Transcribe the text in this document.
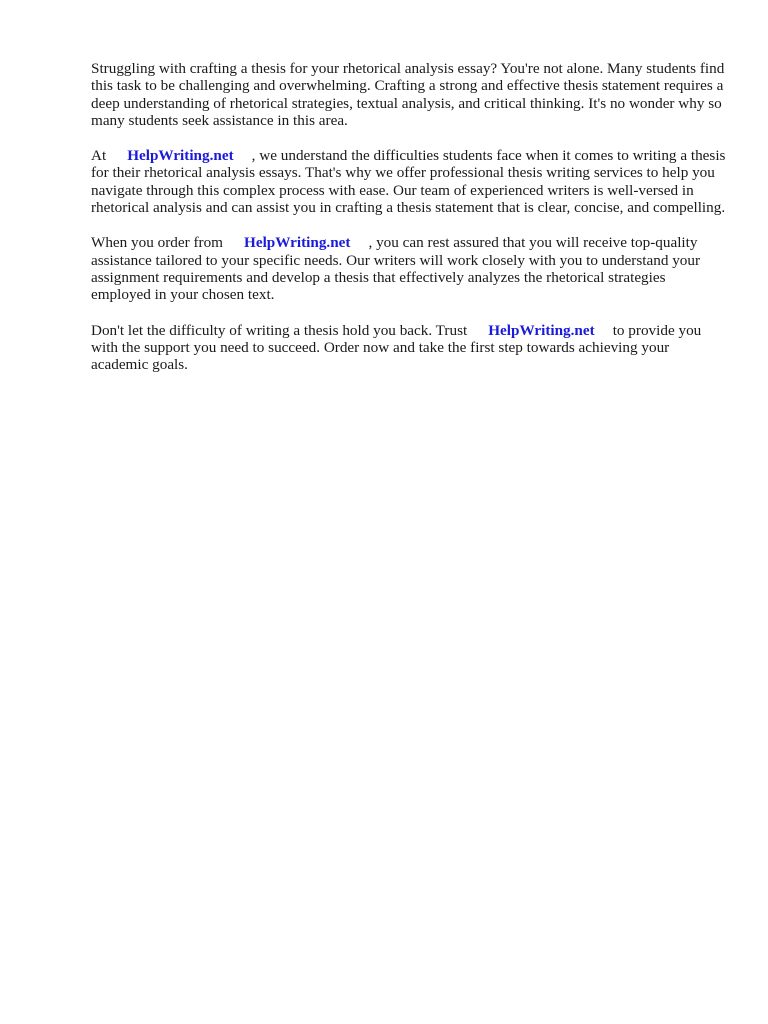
Struggling with crafting a thesis for your rhetorical analysis essay? You're not alone. Many students find this task to be challenging and overwhelming. Crafting a strong and effective thesis statement requires a deep understanding of rhetorical strategies, textual analysis, and critical thinking. It's no wonder why so many students seek assistance in this area.

At HelpWriting.net , we understand the difficulties students face when it comes to writing a thesis for their rhetorical analysis essays. That's why we offer professional thesis writing services to help you navigate through this complex process with ease. Our team of experienced writers is well-versed in rhetorical analysis and can assist you in crafting a thesis statement that is clear, concise, and compelling.

When you order from HelpWriting.net , you can rest assured that you will receive top-quality assistance tailored to your specific needs. Our writers will work closely with you to understand your assignment requirements and develop a thesis that effectively analyzes the rhetorical strategies employed in your chosen text.

Don't let the difficulty of writing a thesis hold you back. Trust HelpWriting.net to provide you with the support you need to succeed. Order now and take the first step towards achieving your academic goals.
